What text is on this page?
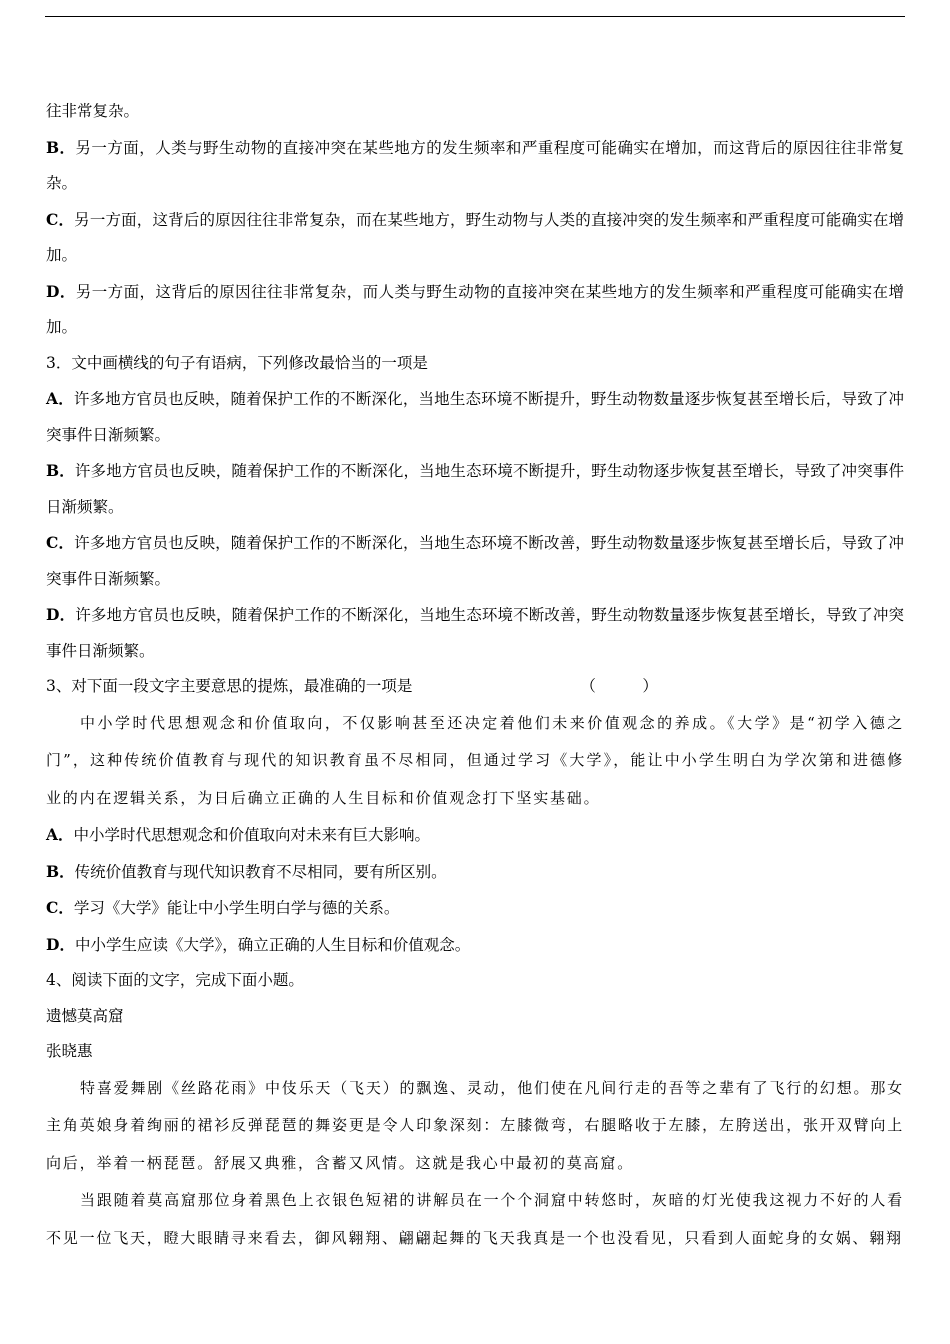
往非常复杂。

B．另一方面，人类与野生动物的直接冲突在某些地方的发生频率和严重程度可能确实在增加，而这背后的原因往往非常复杂。

C．另一方面，这背后的原因往往非常复杂，而在某些地方，野生动物与人类的直接冲突的发生频率和严重程度可能确实在增加。

D．另一方面，这背后的原因往往非常复杂，而人类与野生动物的直接冲突在某些地方的发生频率和严重程度可能确实在增加。

3．文中画横线的句子有语病，下列修改最恰当的一项是

A．许多地方官员也反映，随着保护工作的不断深化，当地生态环境不断提升，野生动物数量逐步恢复甚至增长后，导致了冲突事件日渐频繁。

B．许多地方官员也反映，随着保护工作的不断深化，当地生态环境不断提升，野生动物逐步恢复甚至增长，导致了冲突事件日渐频繁。

C．许多地方官员也反映，随着保护工作的不断深化，当地生态环境不断改善，野生动物数量逐步恢复甚至增长后，导致了冲突事件日渐频繁。

D．许多地方官员也反映，随着保护工作的不断深化，当地生态环境不断改善，野生动物数量逐步恢复甚至增长，导致了冲突事件日渐频繁。

3、对下面一段文字主要意思的提炼，最准确的一项是	（　　　）

中小学时代思想观念和价值取向，不仅影响甚至还决定着他们未来价值观念的养成。《大学》是“初学入德之门”，这种传统价值教育与现代的知识教育虽不尽相同，但通过学习《大学》，能让中小学生明白为学次第和进德修业的内在逻辑关系，为日后确立正确的人生目标和价值观念打下坚实基础。

A．中小学时代思想观念和价值取向对未来有巨大影响。

B．传统价值教育与现代知识教育不尽相同，要有所区别。

C．学习《大学》能让中小学生明白学与德的关系。

D．中小学生应读《大学》，确立正确的人生目标和价值观念。

4、阅读下面的文字，完成下面小题。

遗憾莫高窟

张晓惠

特喜爱舞剧《丝路花雨》中伎乐天（飞天）的飘逸、灵动，他们使在凡间行走的吾等之辈有了飞行的幻想。那女主角英娘身着绚丽的裙衫反弹琵琶的舞姿更是令人印象深刻：左膝微弯，右腿略收于左膝，左胯送出，张开双臂向上向后，举着一柄琵琶。舒展又典雅，含蓄又风情。这就是我心中最初的莫高窟。

当跟随着莫高窟那位身着黑色上衣银色短裙的讲解员在一个个洞窟中转悠时，灰暗的灯光使我这视力不好的人看不见一位飞天，瞪大眼睛寻来看去，御风翱翔、翩翩起舞的飞天我真是一个也没看见，只看到人面蛇身的女娲、翱翔
